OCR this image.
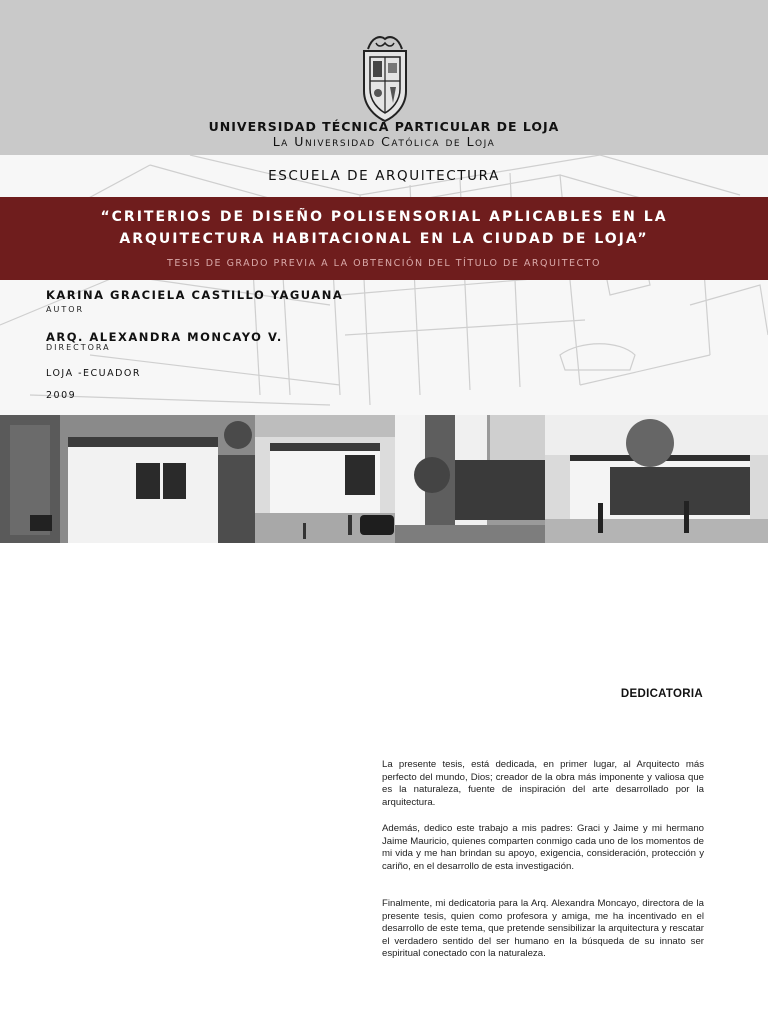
UNIVERSIDAD TÉCNICA PARTICULAR DE LOJA
La Universidad Católica de Loja
ESCUELA DE ARQUITECTURA
“CRITERIOS DE DISEÑO POLISENSORIAL APLICABLES EN LA
ARQUITECTURA HABITACIONAL EN LA CIUDAD DE LOJA”
TESIS DE GRADO PREVIA A LA OBTENCIÓN DEL TÍTULO DE ARQUITECTO
KARINA GRACIELA CASTILLO YAGUANA
AUTOR
ARQ. ALEXANDRA MONCAYO V.
DIRECTORA
LOJA -ECUADOR
2009
DEDICATORIA

La presente tesis, está dedicada, en primer lugar, al Arquitecto más perfecto del mundo, Dios; creador de la obra más imponente y valiosa que es la naturaleza, fuente de inspiración del arte desarrollado por la arquitectura.

Además, dedico este trabajo a mis padres: Graci y Jaime y mi hermano Jaime Mauricio, quienes comparten conmigo cada uno de los momentos de mi vida y me han brindan su apoyo, exigencia, consideración, protección y cariño, en el desarrollo de esta investigación.

Finalmente, mi dedicatoria para la Arq. Alexandra Moncayo, directora de la presente tesis, quien como profesora y amiga, me ha incentivado en el desarrollo de este tema, que pretende sensibilizar la arquitectura y rescatar el verdadero sentido del ser humano en la búsqueda de su innato ser espiritual conectado con la naturaleza.
